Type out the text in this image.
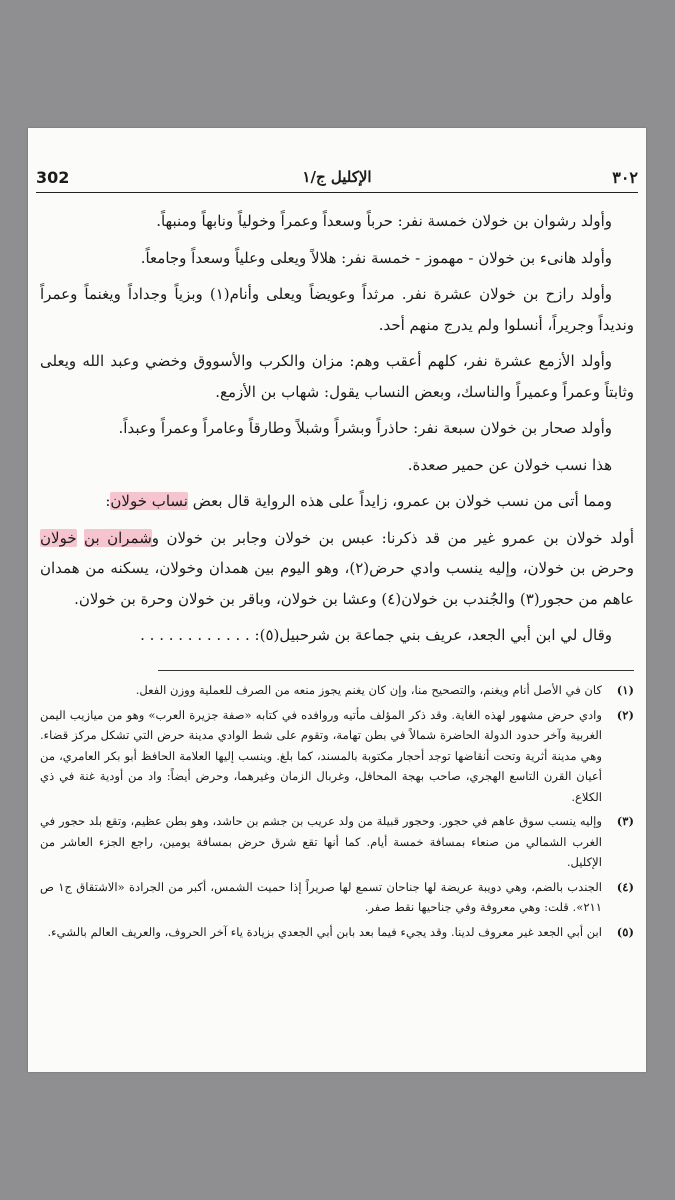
302	الإكليل ج/١	٣٠٢

وأولد رشوان بن خولان خمسة نفر: حرباً وسعداً وعمراً وخولياً ونابهاً ومنبهاً.

وأولد هانىء بن خولان - مهموز - خمسة نفر: هلالاً ويعلى وعلياً وسعداً وجامعاً.

وأولد رازح بن خولان عشرة نفر. مرثداً وعويضاً ويعلى وأنام(١) وبزياً وجداداً ويغنماً وعمراً ونديداً وجريراً، أنسلوا ولم يدرج منهم أحد.

وأولد الأزمع عشرة نفر، كلهم أعقب وهم: مزان والكرب والأسووق وخضي وعبد الله ويعلى وثابتاً وعمراً وعميراً والناسك، وبعض النساب يقول: شهاب بن الأزمع.

وأولد صحار بن خولان سبعة نفر: حاذراً وبشراً وشبلاً وطارقاً وعامراً وعمراً وعبداً.

هذا نسب خولان عن حمير صعدة.

ومما أتى من نسب خولان بن عمرو، زايداً على هذه الرواية قال بعض نساب خولان:

أولد خولان بن عمرو غير من قد ذكرنا: عبس بن خولان وجابر بن خولان وشمران بن خولان وحرض بن خولان، وإليه ينسب وادي حرض(٢)، وهو اليوم بين همدان وخولان، يسكنه من همدان عاهم من حجور(٣) والجُندب بن خولان(٤) وعشا بن خولان، وباقر بن خولان وحرة بن خولان.

وقال لي ابن أبي الجعد، عريف بني جماعة بن شرحبيل(٥): . . . . . . . . . . . .

(١)
كان في الأصل أنام ويغنم، والتصحيح منا، وإن كان يغنم يجوز منعه من الصرف للعملية ووزن الفعل.
(٢)
وادي حرض مشهور لهذه الغاية. وقد ذكر المؤلف مأتيه وروافده في كتابه «صفة جزيرة العرب» وهو من ميازيب اليمن الغربية وآخر حدود الدولة الحاضرة شمالاً في بطن تهامة، وتقوم على شط الوادي مدينة حرض التي تشكل مركز قضاء. وهي مدينة أثرية وتحت أنقاضها توجد أحجار مكتوبة بالمسند، كما بلغ. وينسب إليها العلامة الحافظ أبو بكر العامري، من أعيان القرن التاسع الهجري، صاحب بهجة المحافل، وغربال الزمان وغيرهما، وحرض أيضاً: واد من أودية غنة في ذي الكلاع.
(٣)
وإليه ينسب سوق عاهم في حجور. وحجور قبيلة من ولد عريب بن جشم بن حاشد، وهو بطن عظيم، وتقع بلد حجور في الغرب الشمالي من صنعاء بمسافة خمسة أيام. كما أنها تقع شرق حرض بمسافة يومين، راجع الجزء العاشر من الإكليل.
(٤)
الجندب بالضم، وهي دويبة عريضة لها جناحان تسمع لها صريراً إذا حميت الشمس، أكبر من الجرادة «الاشتقاق ج١ ص ٢١١». قلت: وهي معروفة وفي جناحيها نقط صفر.
(٥)
ابن أبي الجعد غير معروف لدينا. وقد يجيء فيما بعد بابن أبي الجعدي بزيادة ياء آخر الحروف، والعريف العالم بالشيء.
